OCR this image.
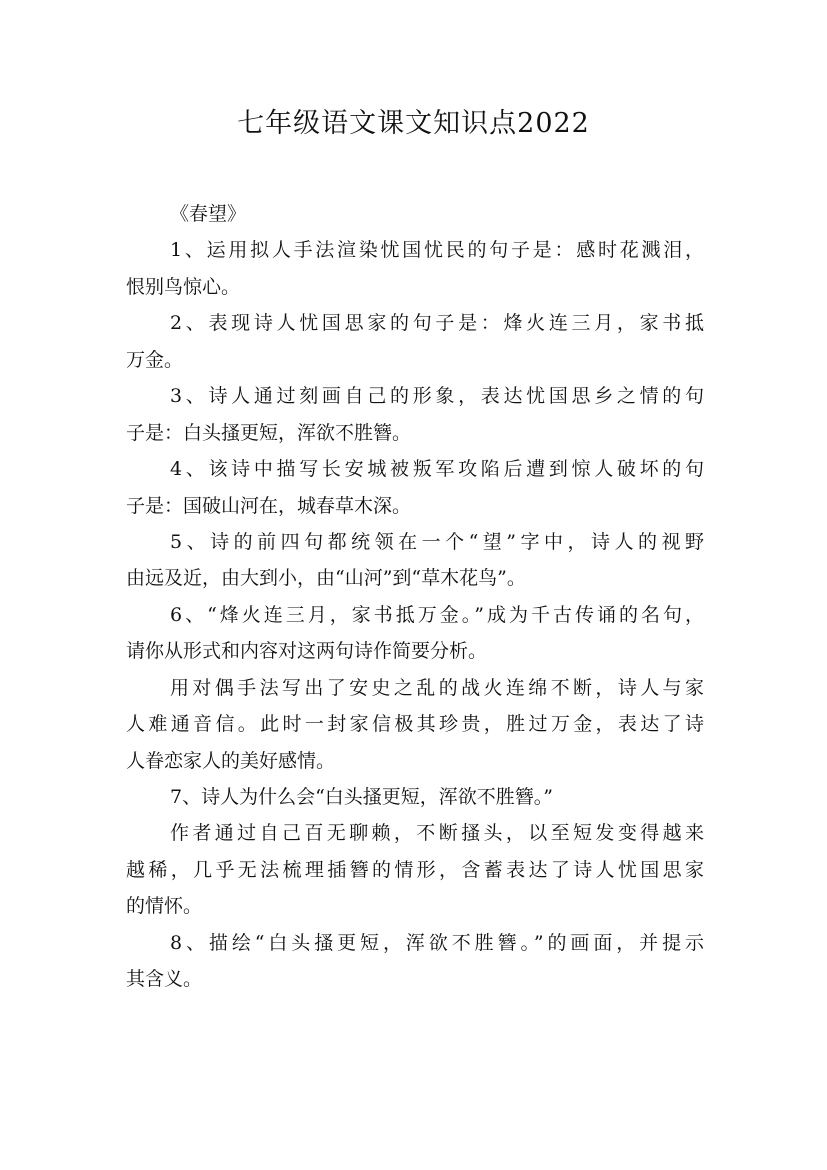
七年级语文课文知识点2022
《春望》
1、运用拟人手法渲染忧国忧民的句子是：感时花溅泪，
恨别鸟惊心。
2、表现诗人忧国思家的句子是：烽火连三月，家书抵
万金。
3、诗人通过刻画自己的形象，表达忧国思乡之情的句
子是：白头搔更短，浑欲不胜簪。
4、该诗中描写长安城被叛军攻陷后遭到惊人破坏的句
子是：国破山河在，城春草木深。
5、诗的前四句都统领在一个“望”字中，诗人的视野
由远及近，由大到小，由“山河”到“草木花鸟”。
6、“烽火连三月，家书抵万金。”成为千古传诵的名句，
请你从形式和内容对这两句诗作简要分析。
用对偶手法写出了安史之乱的战火连绵不断，诗人与家
人难通音信。此时一封家信极其珍贵，胜过万金，表达了诗
人眷恋家人的美好感情。
7、诗人为什么会“白头搔更短，浑欲不胜簪。”
作者通过自己百无聊赖，不断搔头，以至短发变得越来
越稀，几乎无法梳理插簪的情形，含蓄表达了诗人忧国思家
的情怀。
8、描绘“白头搔更短，浑欲不胜簪。”的画面，并提示
其含义。
